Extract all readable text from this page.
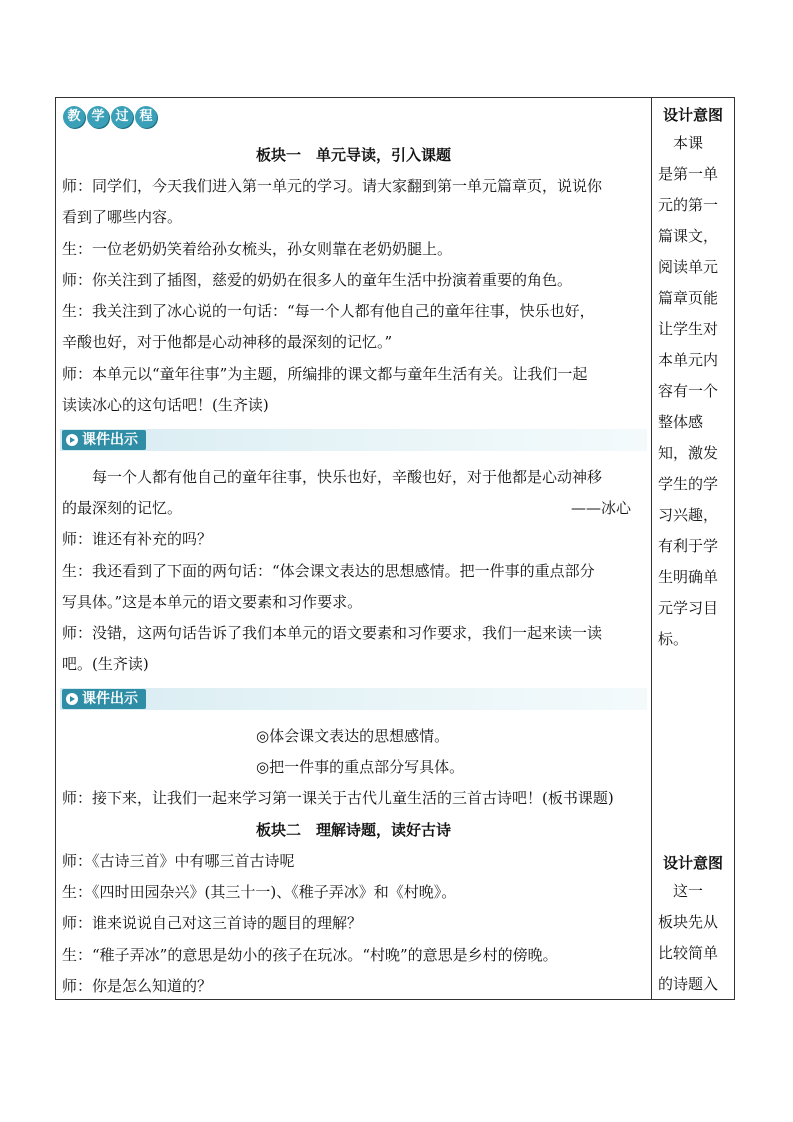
教 学 过 程
板块一　单元导读，引入课题
师：同学们，今天我们进入第一单元的学习。请大家翻到第一单元篇章页，说说你
看到了哪些内容。
生：一位老奶奶笑着给孙女梳头，孙女则靠在老奶奶腿上。
师：你关注到了插图，慈爱的奶奶在很多人的童年生活中扮演着重要的角色。
生：我关注到了冰心说的一句话：“每一个人都有他自己的童年往事，快乐也好，
辛酸也好，对于他都是心动神移的最深刻的记忆。”
师：本单元以“童年往事”为主题，所编排的课文都与童年生活有关。让我们一起
读读冰心的这句话吧！(生齐读)
课件出示
每一个人都有他自己的童年往事，快乐也好，辛酸也好，对于他都是心动神移
的最深刻的记忆。	——冰心
师：谁还有补充的吗？
生：我还看到了下面的两句话：“体会课文表达的思想感情。把一件事的重点部分
写具体。”这是本单元的语文要素和习作要求。
师：没错，这两句话告诉了我们本单元的语文要素和习作要求，我们一起来读一读
吧。(生齐读)
课件出示
◎体会课文表达的思想感情。
◎把一件事的重点部分写具体。
师：接下来，让我们一起来学习第一课关于古代儿童生活的三首古诗吧！(板书课题)
板块二　理解诗题，读好古诗
师：《古诗三首》中有哪三首古诗呢
生：《四时田园杂兴》(其三十一)、《稚子弄冰》和《村晚》。
师：谁来说说自己对这三首诗的题目的理解？
生：“稚子弄冰”的意思是幼小的孩子在玩冰。“村晚”的意思是乡村的傍晚。
师：你是怎么知道的？
设计意图
　本课
是第一单
元的第一
篇课文，
阅读单元
篇章页能
让学生对
本单元内
容有一个
整体感
知，激发
学生的学
习兴趣，
有利于学
生明确单
元学习目
标。
设计意图
　这一
板块先从
比较简单
的诗题入
